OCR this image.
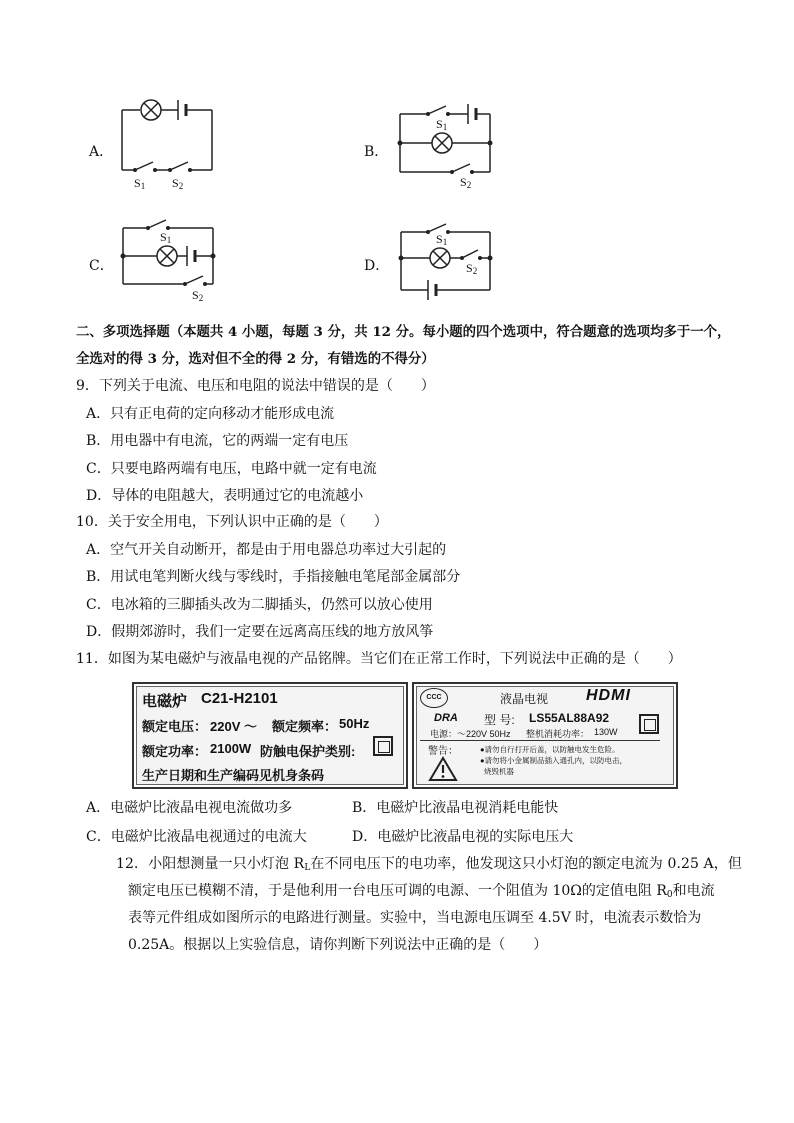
A．	B．
C．	D．
$S_1$ $S_2$
$S_1$
$S_2$
$S_1$
$S_2$
$S_1$
$S_2$
二、多项选择题（本题共 4 小题，每题 3 分，共 12 分。每小题的四个选项中，符合题意的选项均多于一个，
全选对的得 3 分，选对但不全的得 2 分，有错选的不得分）
9．下列关于电流、电压和电阻的说法中错误的是（　　）
A．只有正电荷的定向移动才能形成电流
B．用电器中有电流，它的两端一定有电压
C．只要电路两端有电压，电路中就一定有电流
D．导体的电阻越大，表明通过它的电流越小
10．关于安全用电，下列认识中正确的是（　　）
A．空气开关自动断开，都是由于用电器总功率过大引起的
B．用试电笔判断火线与零线时，手指接触电笔尾部金属部分
C．电冰箱的三脚插头改为二脚插头，仍然可以放心使用
D．假期郊游时，我们一定要在远离高压线的地方放风筝
11．如图为某电磁炉与液晶电视的产品铭牌。当它们在正常工作时，下列说法中正确的是（　　）
电磁炉 C21-H2101
额定电压： 220V ～ 额定频率： 50Hz
额定功率： 2100W 防触电保护类别:
生产日期和生产编码见机身条码
CCC	液晶电视 HDMI
DRA 型 号: LS55AL88A92
电源：～220V 50Hz 整机消耗功率： 130W
警告：	●请勿自行打开后盖，以防触电发生危险。
●请勿将小金属制品插入通孔内，以防电击，
烧毁机器
A．电磁炉比液晶电视电流做功多	B．电磁炉比液晶电视消耗电能快
C．电磁炉比液晶电视通过的电流大	D．电磁炉比液晶电视的实际电压大
12．小阳想测量一只小灯泡 $R_L$在不同电压下的电功率，他发现这只小灯泡的额定电流为 0.25 A，但
额定电压已模糊不清，于是他利用一台电压可调的电源、一个阻值为 10Ω的定值电阻 $R_0$和电流
表等元件组成如图所示的电路进行测量。实验中，当电源电压调至 4.5V 时，电流表示数恰为
0.25A。根据以上实验信息，请你判断下列说法中正确的是（　　）
